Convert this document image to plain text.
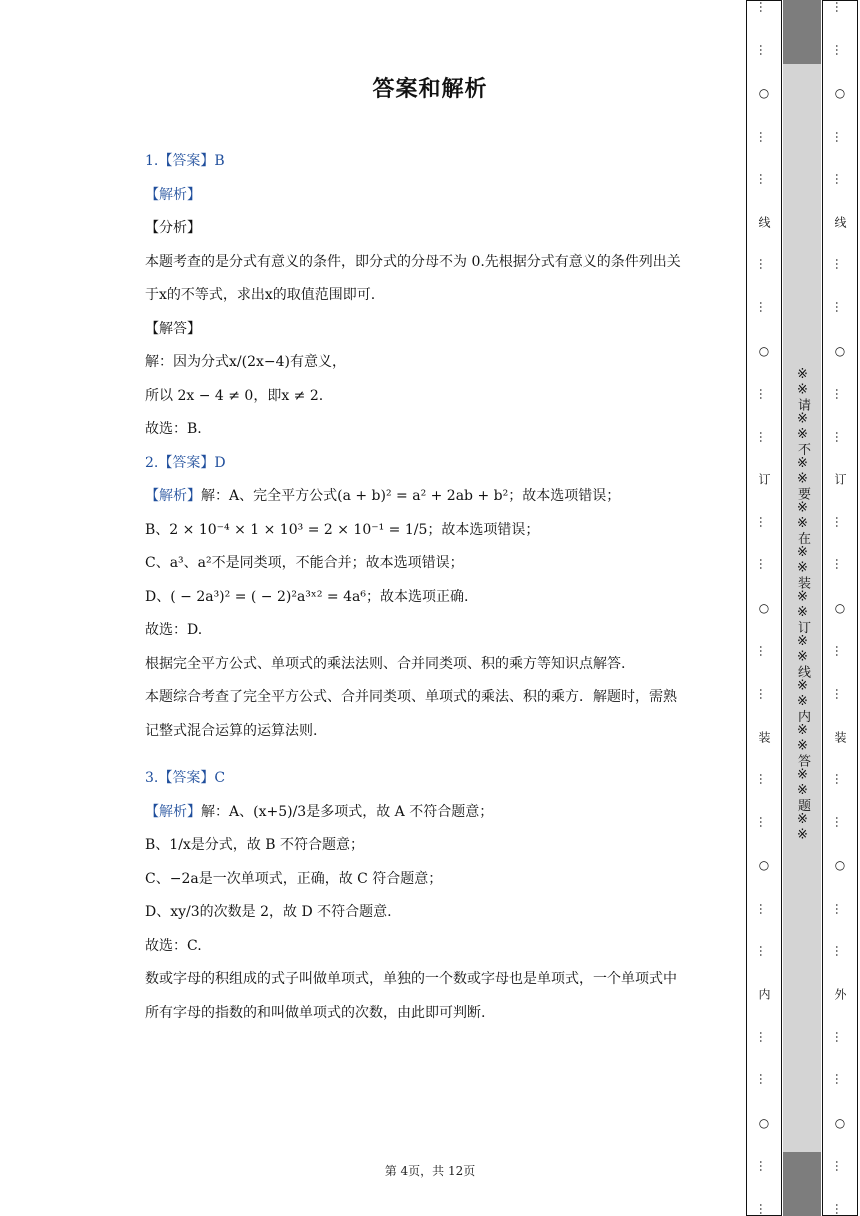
答案和解析
1.【答案】B
【解析】
【分析】
本题考查的是分式有意义的条件，即分式的分母不为 0.先根据分式有意义的条件列出关
于x的不等式，求出x的取值范围即可.
【解答】
解：因为分式x/(2x−4)有意义，
所以 2x − 4 ≠ 0，即x ≠ 2.
故选：B.
2.【答案】D
【解析】解：A、完全平方公式(a + b)² = a² + 2ab + b²；故本选项错误；
B、2 × 10⁻⁴ × 1 × 10³ = 2 × 10⁻¹ = 1/5；故本选项错误；
C、a³、a²不是同类项，不能合并；故本选项错误；
D、( − 2a³)² = ( − 2)²a³ˣ² = 4a⁶；故本选项正确.
故选：D.
根据完全平方公式、单项式的乘法法则、合并同类项、积的乘方等知识点解答.
本题综合考查了完全平方公式、合并同类项、单项式的乘法、积的乘方．解题时，需熟
记整式混合运算的运算法则.
3.【答案】C
【解析】解：A、(x+5)/3是多项式，故 A 不符合题意；
B、1/x是分式，故 B 不符合题意；
C、−2a是一次单项式，正确，故 C 符合题意；
D、xy/3的次数是 2，故 D 不符合题意.
故选：C.
数或字母的积组成的式子叫做单项式，单独的一个数或字母也是单项式，一个单项式中
所有字母的指数的和叫做单项式的次数，由此即可判断.
第 4页，共 12页
…
…
○
…
…
线
…
…
○
…
…
订
…
…
○
…
…
装
…
…
○
…
…
内
…
…
○
…
…
※※请※※不※※要※※在※※装※※订※※线※※内※※答※※题※※
…
…
○
…
…
线
…
…
○
…
…
订
…
…
○
…
…
装
…
…
○
…
…
外
…
…
○
…
…
